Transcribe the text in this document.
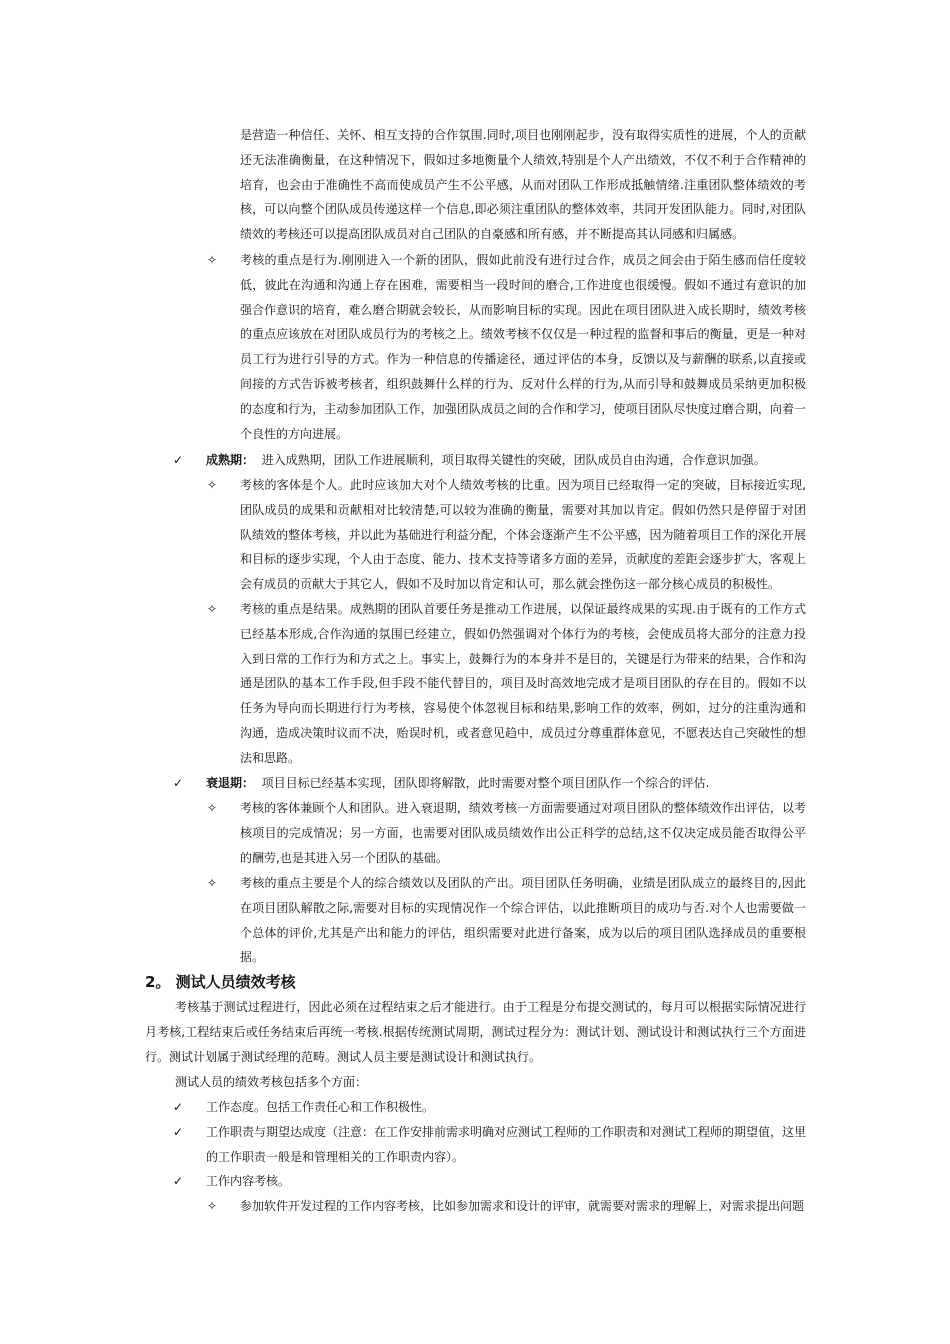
是营造一种信任、关怀、相互支持的合作氛围.同时,项目也刚刚起步，没有取得实质性的进展，个人的贡献
还无法准确衡量，在这种情况下，假如过多地衡量个人绩效,特别是个人产出绩效，不仅不利于合作精神的
培育，也会由于准确性不高而使成员产生不公平感，从而对团队工作形成抵触情绪.注重团队整体绩效的考
核，可以向整个团队成员传递这样一个信息,即必须注重团队的整体效率，共同开发团队能力。同时,对团队
绩效的考核还可以提高团队成员对自己团队的自豪感和所有感，并不断提高其认同感和归属感。
✧ 考核的重点是行为.刚刚进入一个新的团队，假如此前没有进行过合作，成员之间会由于陌生感而信任度较
低，彼此在沟通和沟通上存在困难，需要相当一段时间的磨合,工作进度也很缓慢。假如不通过有意识的加
强合作意识的培育，难么磨合期就会较长，从而影响目标的实现。因此在项目团队进入成长期时，绩效考核
的重点应该放在对团队成员行为的考核之上。绩效考核不仅仅是一种过程的监督和事后的衡量，更是一种对
员工行为进行引导的方式。作为一种信息的传播途径，通过评估的本身，反馈以及与薪酬的联系,以直接或
间接的方式告诉被考核者，组织鼓舞什么样的行为、反对什么样的行为,从而引导和鼓舞成员采纳更加积极
的态度和行为，主动参加团队工作，加强团队成员之间的合作和学习，使项目团队尽快度过磨合期，向着一
个良性的方向进展。
✓ 成熟期： 进入成熟期，团队工作进展顺利，项目取得关键性的突破，团队成员自由沟通，合作意识加强。
✧ 考核的客体是个人。此时应该加大对个人绩效考核的比重。因为项目已经取得一定的突破，目标接近实现,
团队成员的成果和贡献相对比较清楚,可以较为准确的衡量，需要对其加以肯定。假如仍然只是停留于对团
队绩效的整体考核，并以此为基础进行利益分配，个体会逐渐产生不公平感，因为随着项目工作的深化开展
和目标的逐步实现，个人由于态度、能力、技术支持等诸多方面的差异，贡献度的差距会逐步扩大，客观上
会有成员的贡献大于其它人，假如不及时加以肯定和认可，那么就会挫伤这一部分核心成员的积极性。
✧ 考核的重点是结果。成熟期的团队首要任务是推动工作进展，以保证最终成果的实现.由于既有的工作方式
已经基本形成,合作沟通的氛围已经建立，假如仍然强调对个体行为的考核，会使成员将大部分的注意力投
入到日常的工作行为和方式之上。事实上，鼓舞行为的本身并不是目的，关键是行为带来的结果，合作和沟
通是团队的基本工作手段,但手段不能代替目的，项目及时高效地完成才是项目团队的存在目的。假如不以
任务为导向而长期进行行为考核，容易使个体忽视目标和结果,影响工作的效率，例如，过分的注重沟通和
沟通，造成决策时议而不决，贻误时机，或者意见趋中，成员过分尊重群体意见，不愿表达自己突破性的想
法和思路。
✓ 衰退期： 项目目标已经基本实现，团队即将解散，此时需要对整个项目团队作一个综合的评估.
✧ 考核的客体兼顾个人和团队。进入衰退期，绩效考核一方面需要通过对项目团队的整体绩效作出评估，以考
核项目的完成情况；另一方面，也需要对团队成员绩效作出公正科学的总结,这不仅决定成员能否取得公平
的酬劳,也是其进入另一个团队的基础。
✧ 考核的重点主要是个人的综合绩效以及团队的产出。项目团队任务明确，业绩是团队成立的最终目的,因此
在项目团队解散之际,需要对目标的实现情况作一个综合评估，以此推断项目的成功与否.对个人也需要做一
个总体的评价,尤其是产出和能力的评估，组织需要对此进行备案，成为以后的项目团队选择成员的重要根
据。
2。 测试人员绩效考核
考核基于测试过程进行，因此必须在过程结束之后才能进行。由于工程是分布提交测试的，每月可以根据实际情况进行
月考核,工程结束后或任务结束后再统一考核.根据传统测试周期，测试过程分为：测试计划、测试设计和测试执行三个方面进
行。测试计划属于测试经理的范畴。测试人员主要是测试设计和测试执行。
测试人员的绩效考核包括多个方面：
✓ 工作态度。包括工作责任心和工作积极性。
✓ 工作职责与期望达成度（注意：在工作安排前需求明确对应测试工程师的工作职责和对测试工程师的期望值，这里
的工作职责一般是和管理相关的工作职责内容）。
✓ 工作内容考核。
✧ 参加软件开发过程的工作内容考核，比如参加需求和设计的评审，就需要对需求的理解上，对需求提出问题
